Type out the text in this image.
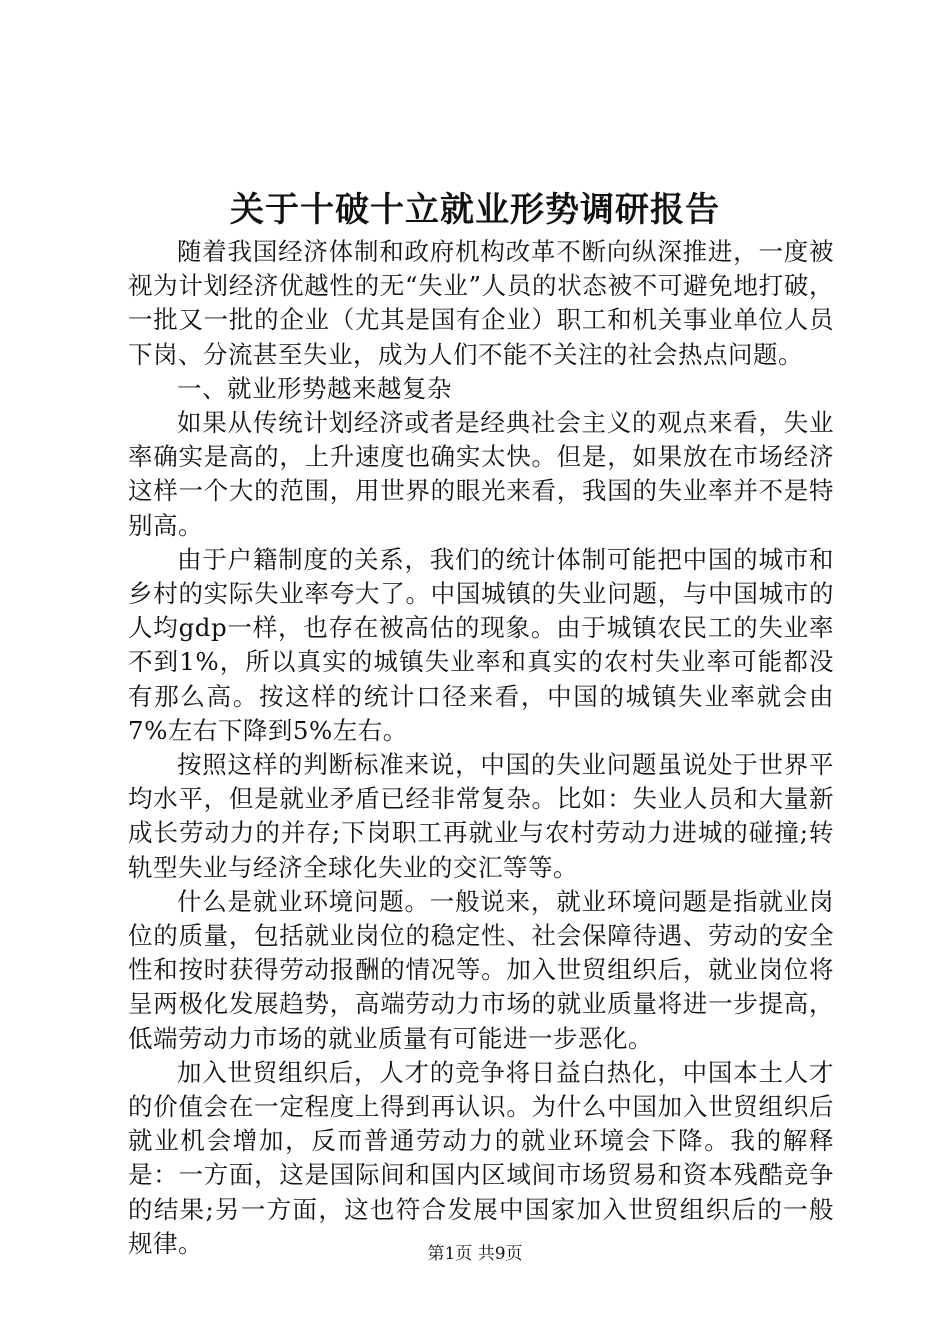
关于十破十立就业形势调研报告

随着我国经济体制和政府机构改革不断向纵深推进，一度被视为计划经济优越性的无“失业”人员的状态被不可避免地打破，一批又一批的企业（尤其是国有企业）职工和机关事业单位人员下岗、分流甚至失业，成为人们不能不关注的社会热点问题。

一、就业形势越来越复杂

如果从传统计划经济或者是经典社会主义的观点来看，失业率确实是高的，上升速度也确实太快。但是，如果放在市场经济这样一个大的范围，用世界的眼光来看，我国的失业率并不是特别高。

由于户籍制度的关系，我们的统计体制可能把中国的城市和乡村的实际失业率夸大了。中国城镇的失业问题，与中国城市的人均gdp一样，也存在被高估的现象。由于城镇农民工的失业率不到1%，所以真实的城镇失业率和真实的农村失业率可能都没有那么高。按这样的统计口径来看，中国的城镇失业率就会由7%左右下降到5%左右。

按照这样的判断标准来说，中国的失业问题虽说处于世界平均水平，但是就业矛盾已经非常复杂。比如：失业人员和大量新成长劳动力的并存;下岗职工再就业与农村劳动力进城的碰撞;转轨型失业与经济全球化失业的交汇等等。

什么是就业环境问题。一般说来，就业环境问题是指就业岗位的质量，包括就业岗位的稳定性、社会保障待遇、劳动的安全性和按时获得劳动报酬的情况等。加入世贸组织后，就业岗位将呈两极化发展趋势，高端劳动力市场的就业质量将进一步提高，低端劳动力市场的就业质量有可能进一步恶化。

加入世贸组织后，人才的竞争将日益白热化，中国本土人才的价值会在一定程度上得到再认识。为什么中国加入世贸组织后就业机会增加，反而普通劳动力的就业环境会下降。我的解释是：一方面，这是国际间和国内区域间市场贸易和资本残酷竞争的结果;另一方面，这也符合发展中国家加入世贸组织后的一般规律。	第1页 共9页
